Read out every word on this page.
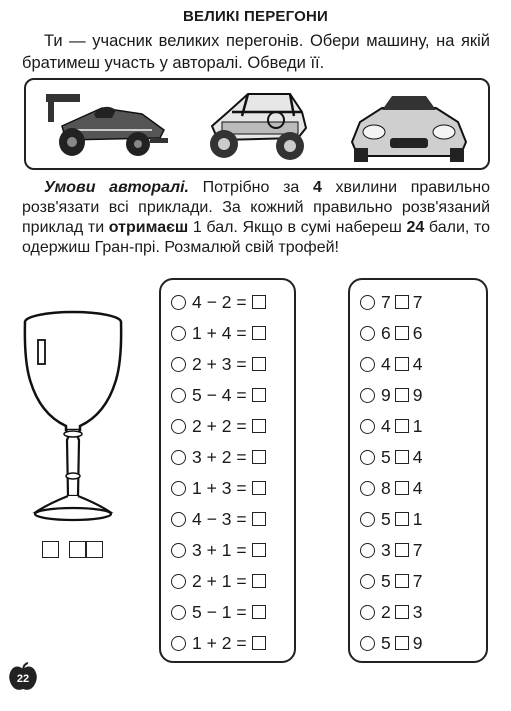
ВЕЛИКІ ПЕРЕГОНИ
Ти — учасник великих перегонів. Обери машину, на якій братимеш участь у авторалі. Обведи її.
Умови авторалі. Потрібно за 4 хвилини правильно розв'язати всі приклади. За кожний правильно розв'язаний приклад ти отримаєш 1 бал. Якщо в сумі набереш 24 бали, то одержиш Гран-прі. Розмалюй свій трофей!
4
−
2
=
1
+
4
=
2
+
3
=
5
−
4
=
2
+
2
=
3
+
2
=
1
+
3
=
4
−
3
=
3
+
1
=
2
+
1
=
5
−
1
=
1
+
2
=
7 7
6 6
4 4
9 9
4 1
5 4
8 4
5 1
3 7
5 7
2 3
5 9
22
